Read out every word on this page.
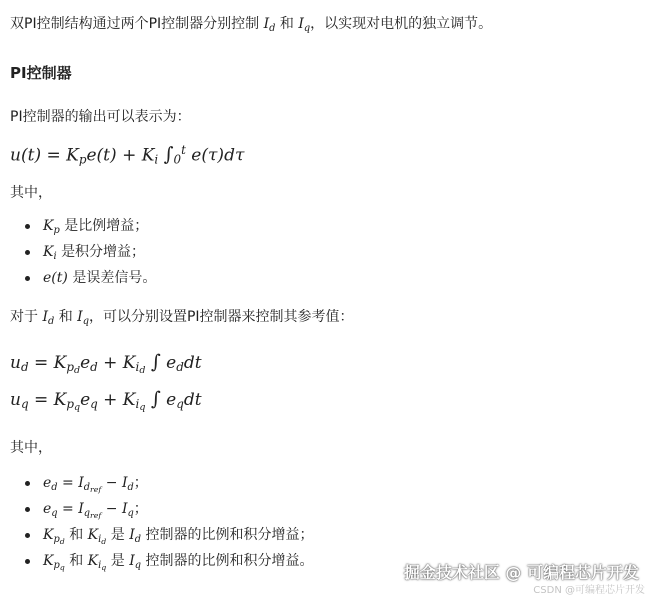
双PI控制结构通过两个PI控制器分别控制 $I_d$ 和 $I_q$，以实现对电机的独立调节。

PI控制器

PI控制器的输出可以表示为：

$u(t) = K_pe(t) + K_i$ $\int_0^t$ e(τ)dτ

其中，

$K_p$ 是比例增益；
$K_i$ 是积分增益；
e(t) 是误差信号。

对于 $I_d$ 和 $I_q$，可以分别设置PI控制器来控制其参考值：

$u_d = K_{p_d}e_d + K_{i_d}$ ∫ $e_ddt$
$u_q = K_{p_q}e_q + K_{i_q}$ ∫ $e_qdt$

其中，

$e_d = I_{d_{ref}} - I_d$；
$e_q = I_{q_{ref}} - I_q$；
$K_{p_d}$ 和 $K_{i_d}$ 是 $I_d$ 控制器的比例和积分增益；
$K_{p_q}$ 和 $K_{i_q}$ 是 $I_q$ 控制器的比例和积分增益。
掘金技术社区 @ 可编程芯片开发
CSDN @可编程芯片开发
